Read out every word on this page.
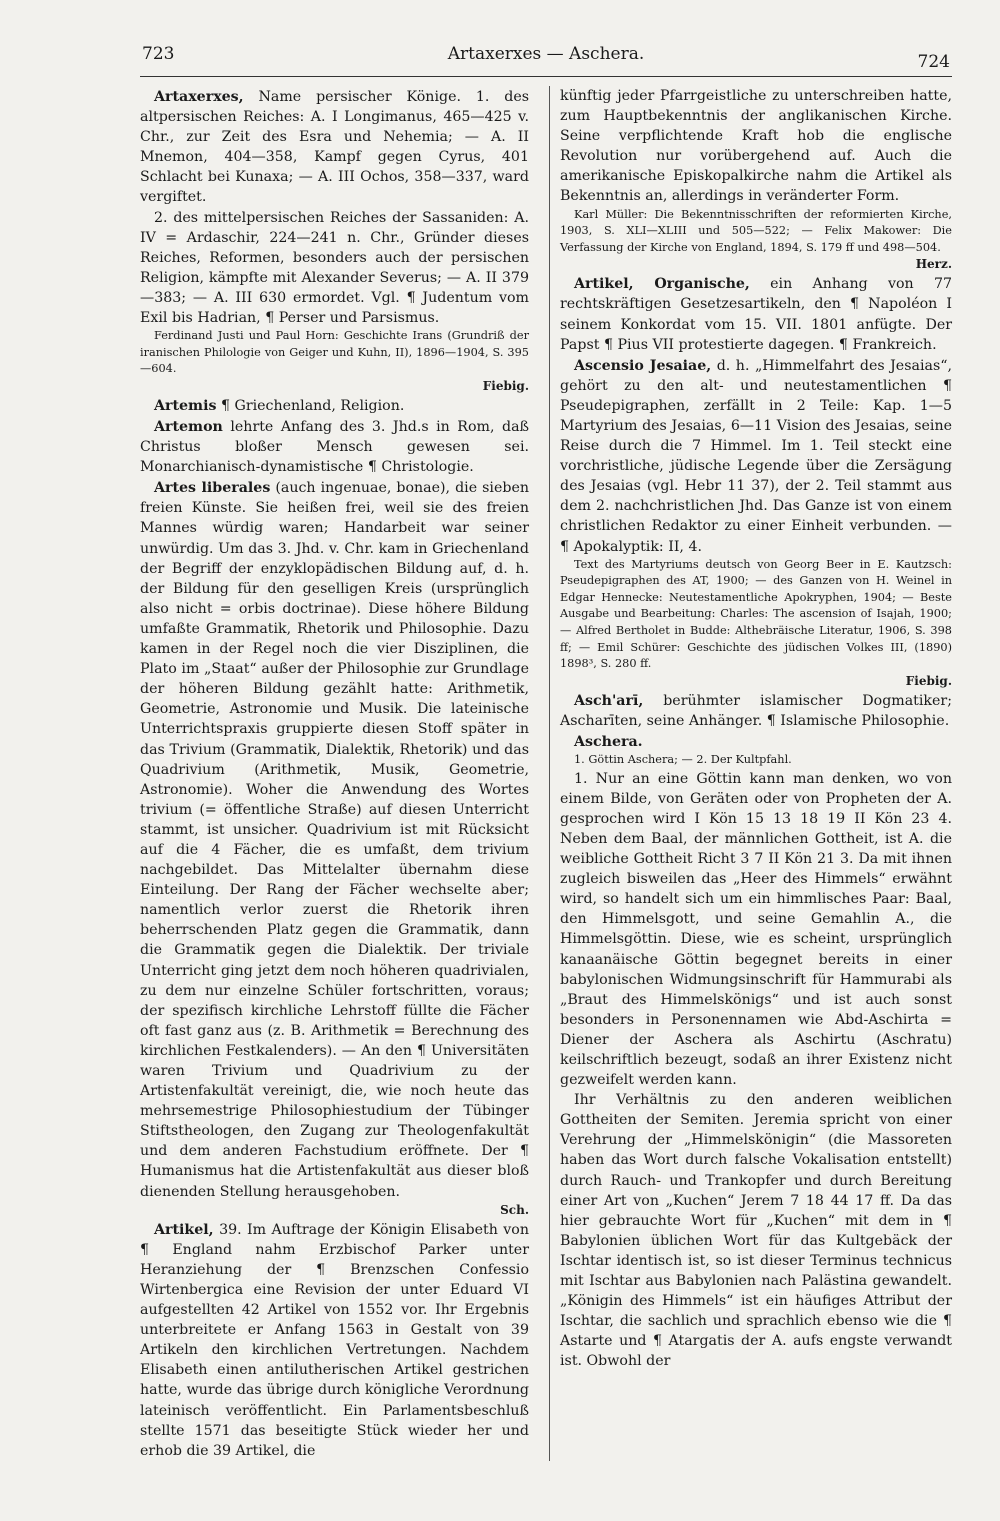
723	Artaxerxes — Aschera.	724

Artaxerxes, Name persischer Könige. 1. des altpersischen Reiches: A. I Longimanus, 465—425 v. Chr., zur Zeit des Esra und Nehemia; — A. II Mnemon, 404—358, Kampf gegen Cyrus, 401 Schlacht bei Kunaxa; — A. III Ochos, 358—337, ward vergiftet.

2. des mittelpersischen Reiches der Sassaniden: A. IV = Ardaschir, 224—241 n. Chr., Gründer dieses Reiches, Reformen, besonders auch der persischen Religion, kämpfte mit Alexander Severus; — A. II 379—383; — A. III 630 ermordet. Vgl. ¶ Judentum vom Exil bis Hadrian, ¶ Perser und Parsismus.

Ferdinand Justi und Paul Horn: Geschichte Irans (Grundriß der iranischen Philologie von Geiger und Kuhn, II), 1896—1904, S. 395—604.

Fiebig.

Artemis ¶ Griechenland, Religion.

Artemon lehrte Anfang des 3. Jhd.s in Rom, daß Christus bloßer Mensch gewesen sei. Monarchianisch-dynamistische ¶ Christologie.

Artes liberales (auch ingenuae, bonae), die sieben freien Künste. Sie heißen frei, weil sie des freien Mannes würdig waren; Handarbeit war seiner unwürdig. Um das 3. Jhd. v. Chr. kam in Griechenland der Begriff der enzyklopädischen Bildung auf, d. h. der Bildung für den geselligen Kreis (ursprünglich also nicht = orbis doctrinae). Diese höhere Bildung umfaßte Grammatik, Rhetorik und Philosophie. Dazu kamen in der Regel noch die vier Disziplinen, die Plato im „Staat“ außer der Philosophie zur Grundlage der höheren Bildung gezählt hatte: Arithmetik, Geometrie, Astronomie und Musik. Die lateinische Unterrichtspraxis gruppierte diesen Stoff später in das Trivium (Grammatik, Dialektik, Rhetorik) und das Quadrivium (Arithmetik, Musik, Geometrie, Astronomie). Woher die Anwendung des Wortes trivium (= öffentliche Straße) auf diesen Unterricht stammt, ist unsicher. Quadrivium ist mit Rücksicht auf die 4 Fächer, die es umfaßt, dem trivium nachgebildet. Das Mittelalter übernahm diese Einteilung. Der Rang der Fächer wechselte aber; namentlich verlor zuerst die Rhetorik ihren beherrschenden Platz gegen die Grammatik, dann die Grammatik gegen die Dialektik. Der triviale Unterricht ging jetzt dem noch höheren quadrivialen, zu dem nur einzelne Schüler fortschritten, voraus; der spezifisch kirchliche Lehrstoff füllte die Fächer oft fast ganz aus (z. B. Arithmetik = Berechnung des kirchlichen Festkalenders). — An den ¶ Universitäten waren Trivium und Quadrivium zu der Artistenfakultät vereinigt, die, wie noch heute das mehrsemestrige Philosophiestudium der Tübinger Stiftstheologen, den Zugang zur Theologenfakultät und dem anderen Fachstudium eröffnete. Der ¶ Humanismus hat die Artistenfakultät aus dieser bloß dienenden Stellung herausgehoben.

Sch.

Artikel, 39. Im Auftrage der Königin Elisabeth von ¶ England nahm Erzbischof Parker unter Heranziehung der ¶ Brenzschen Confessio Wirtenbergica eine Revision der unter Eduard VI aufgestellten 42 Artikel von 1552 vor. Ihr Ergebnis unterbreitete er Anfang 1563 in Gestalt von 39 Artikeln den kirchlichen Vertretungen. Nachdem Elisabeth einen antilutherischen Artikel gestrichen hatte, wurde das übrige durch königliche Verordnung lateinisch veröffentlicht. Ein Parlamentsbeschluß stellte 1571 das beseitigte Stück wieder her und erhob die 39 Artikel, die

künftig jeder Pfarrgeistliche zu unterschreiben hatte, zum Hauptbekenntnis der anglikanischen Kirche. Seine verpflichtende Kraft hob die englische Revolution nur vorübergehend auf. Auch die amerikanische Episkopalkirche nahm die Artikel als Bekenntnis an, allerdings in veränderter Form.

Karl Müller: Die Bekenntnisschriften der reformierten Kirche, 1903, S. XLI—XLIII und 505—522; — Felix Makower: Die Verfassung der Kirche von England, 1894, S. 179 ff und 498—504.

Herz.

Artikel, Organische, ein Anhang von 77 rechtskräftigen Gesetzesartikeln, den ¶ Napoléon I seinem Konkordat vom 15. VII. 1801 anfügte. Der Papst ¶ Pius VII protestierte dagegen. ¶ Frankreich.

Ascensio Jesaiae, d. h. „Himmelfahrt des Jesaias“, gehört zu den alt- und neutestamentlichen ¶ Pseudepigraphen, zerfällt in 2 Teile: Kap. 1—5 Martyrium des Jesaias, 6—11 Vision des Jesaias, seine Reise durch die 7 Himmel. Im 1. Teil steckt eine vorchristliche, jüdische Legende über die Zersägung des Jesaias (vgl. Hebr 11 37), der 2. Teil stammt aus dem 2. nachchristlichen Jhd. Das Ganze ist von einem christlichen Redaktor zu einer Einheit verbunden. — ¶ Apokalyptik: II, 4.

Text des Martyriums deutsch von Georg Beer in E. Kautzsch: Pseudepigraphen des AT, 1900; — des Ganzen von H. Weinel in Edgar Hennecke: Neutestamentliche Apokryphen, 1904; — Beste Ausgabe und Bearbeitung: Charles: The ascension of Isajah, 1900; — Alfred Bertholet in Budde: Althebräische Literatur, 1906, S. 398 ff; — Emil Schürer: Geschichte des jüdischen Volkes III, (1890) 1898³, S. 280 ff.

Fiebig.

Asch'arī, berühmter islamischer Dogmatiker; Ascharīten, seine Anhänger. ¶ Islamische Philosophie.

Aschera.

1. Göttin Aschera; — 2. Der Kultpfahl.

1. Nur an eine Göttin kann man denken, wo von einem Bilde, von Geräten oder von Propheten der A. gesprochen wird I Kön 15 13 18 19 II Kön 23 4. Neben dem Baal, der männlichen Gottheit, ist A. die weibliche Gottheit Richt 3 7 II Kön 21 3. Da mit ihnen zugleich bisweilen das „Heer des Himmels“ erwähnt wird, so handelt sich um ein himmlisches Paar: Baal, den Himmelsgott, und seine Gemahlin A., die Himmelsgöttin. Diese, wie es scheint, ursprünglich kanaanäische Göttin begegnet bereits in einer babylonischen Widmungsinschrift für Hammurabi als „Braut des Himmelskönigs“ und ist auch sonst besonders in Personennamen wie Abd-Aschirta = Diener der Aschera als Aschirtu (Aschratu) keilschriftlich bezeugt, sodaß an ihrer Existenz nicht gezweifelt werden kann.

Ihr Verhältnis zu den anderen weiblichen Gottheiten der Semiten. Jeremia spricht von einer Verehrung der „Himmelskönigin“ (die Massoreten haben das Wort durch falsche Vokalisation entstellt) durch Rauch- und Trankopfer und durch Bereitung einer Art von „Kuchen“ Jerem 7 18 44 17 ff. Da das hier gebrauchte Wort für „Kuchen“ mit dem in ¶ Babylonien üblichen Wort für das Kultgebäck der Ischtar identisch ist, so ist dieser Terminus technicus mit Ischtar aus Babylonien nach Palästina gewandelt. „Königin des Himmels“ ist ein häufiges Attribut der Ischtar, die sachlich und sprachlich ebenso wie die ¶ Astarte und ¶ Atargatis der A. aufs engste verwandt ist. Obwohl der
